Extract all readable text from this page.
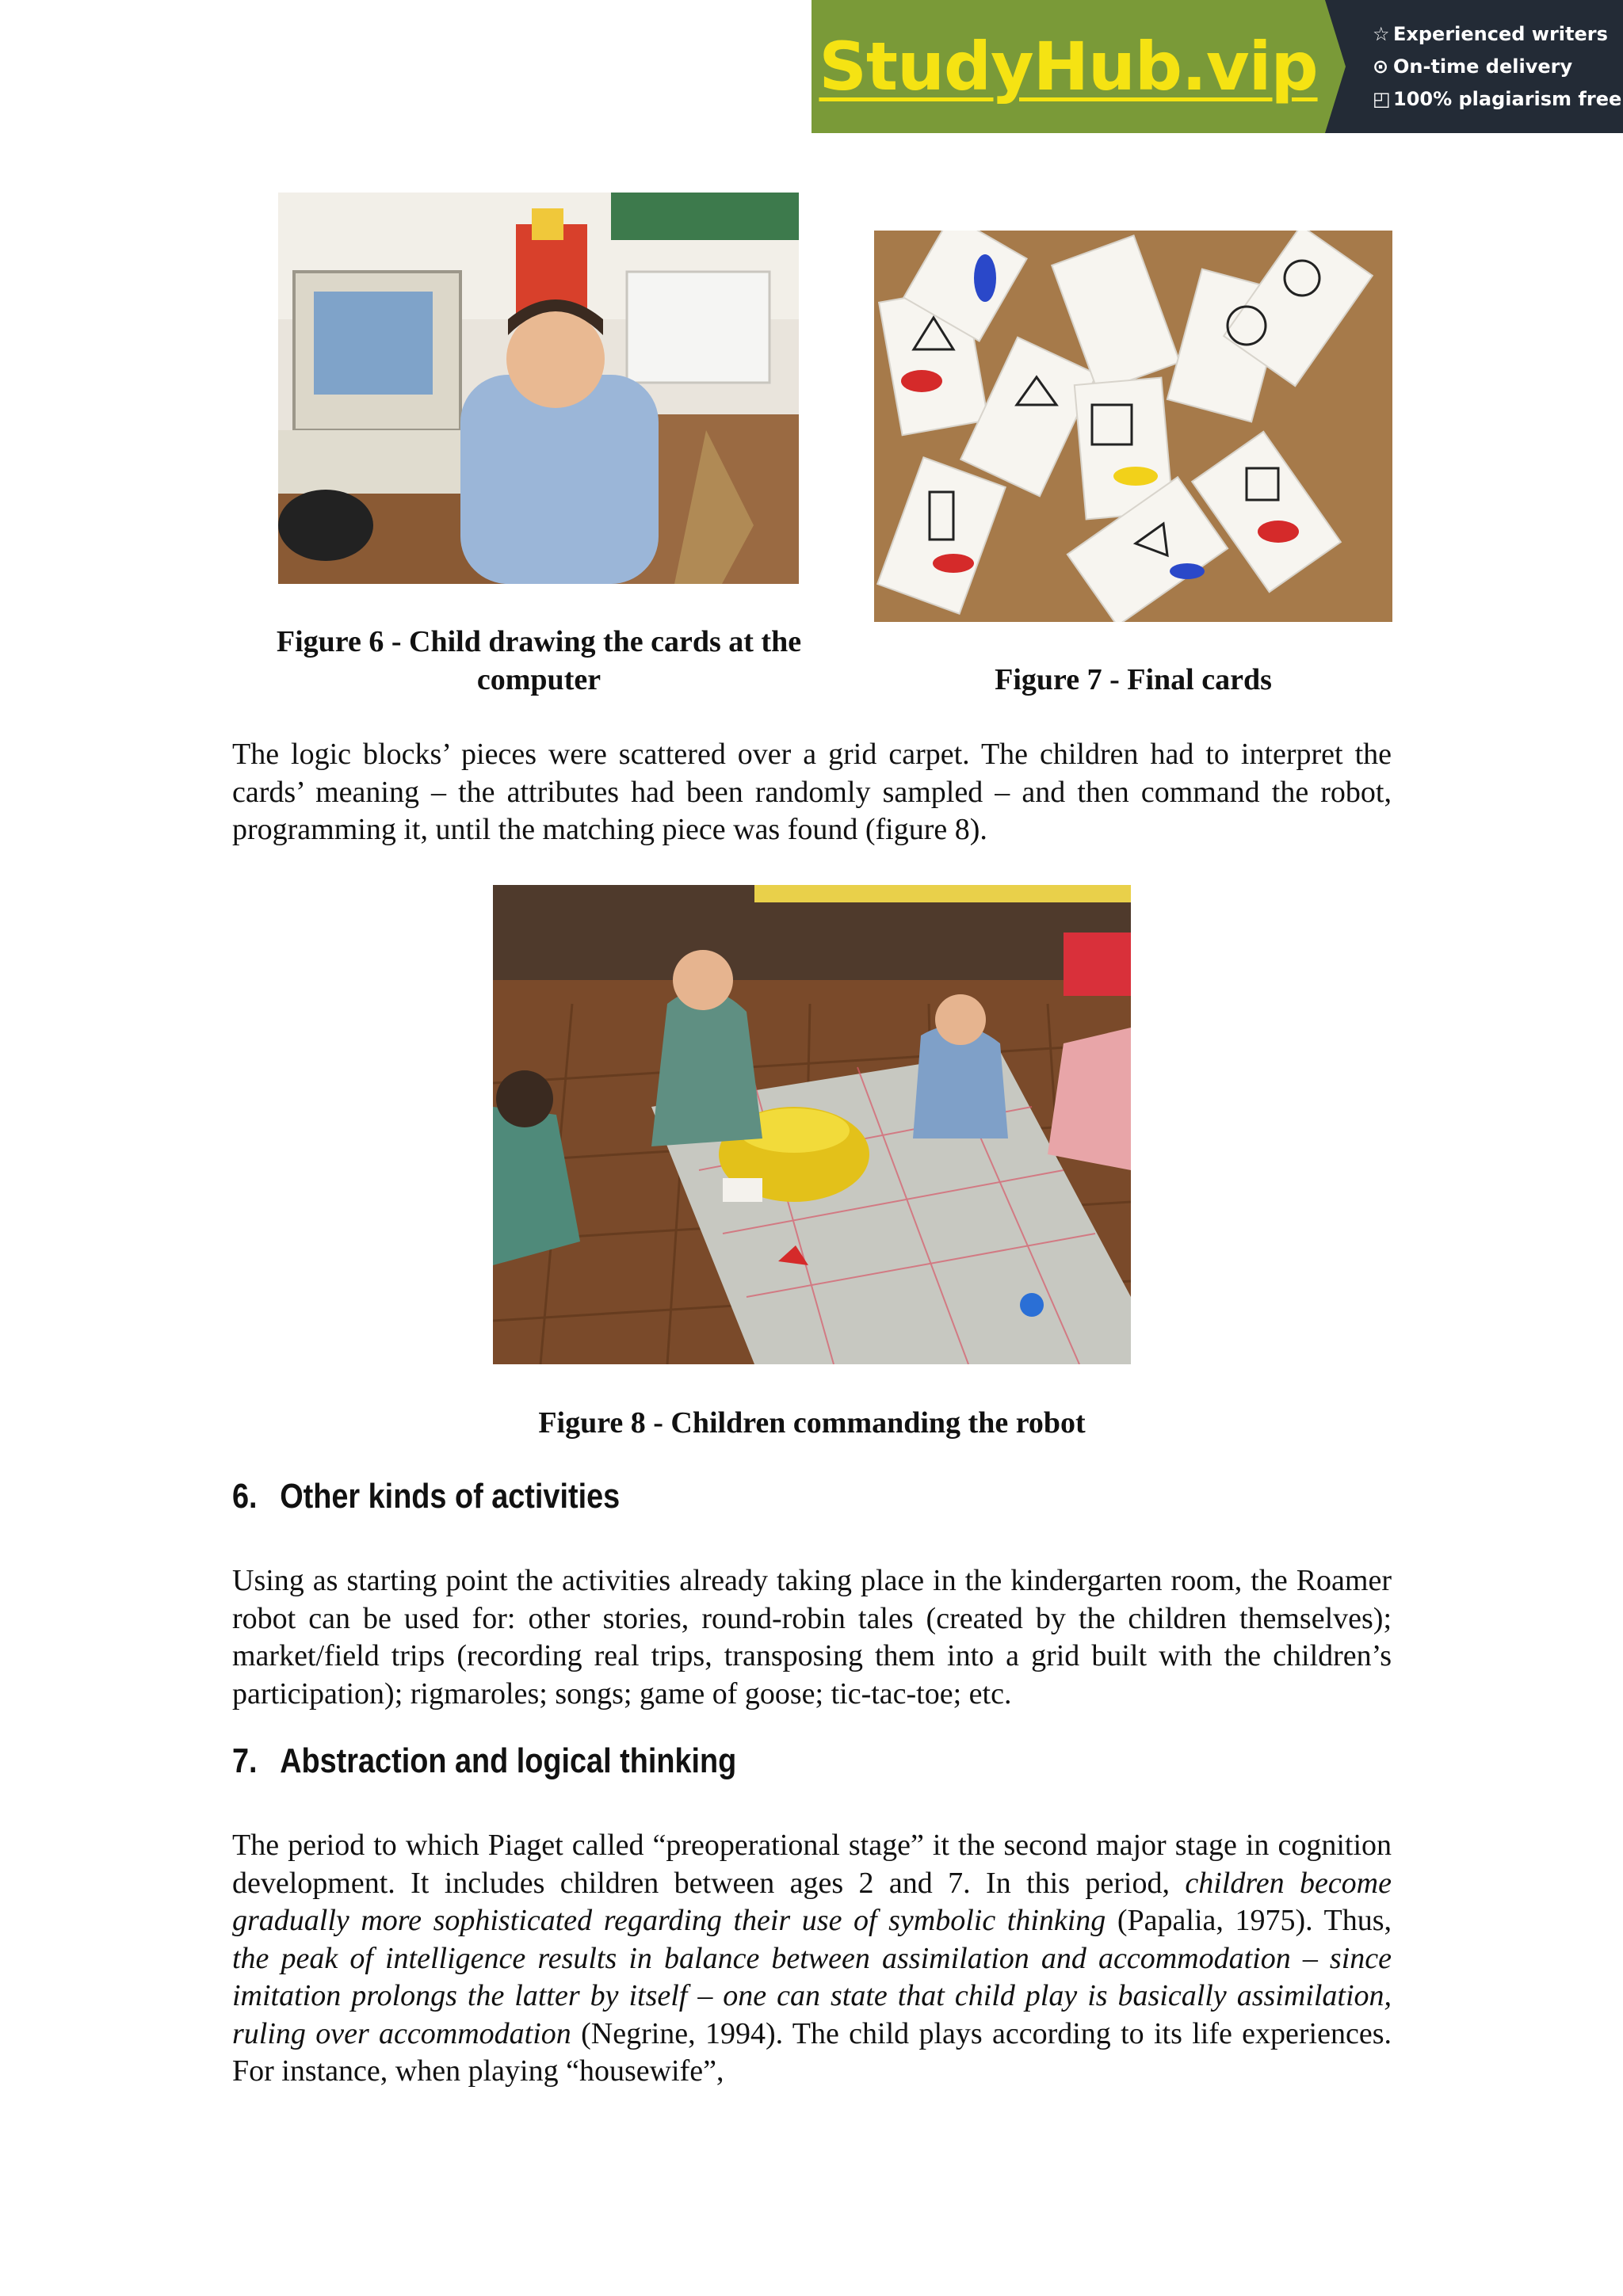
StudyHub.vip	☆ Experienced writers
⊙ On-time delivery
◰ 100% plagiarism free
Figure 6 - Child drawing the cards at the
computer	Figure 7 - Final cards

The logic blocks’ pieces were scattered over a grid carpet. The children had to interpret the cards’ meaning – the attributes had been randomly sampled – and then command the robot, programming it, until the matching piece was found (figure 8).

Figure 8 - Children commanding the robot
6. Other kinds of activities

Using as starting point the activities already taking place in the kindergarten room, the Roamer robot can be used for: other stories, round-robin tales (created by the children themselves); market/field trips (recording real trips, transposing them into a grid built with the children’s participation); rigmaroles; songs; game of goose; tic-tac-toe; etc.

7. Abstraction and logical thinking

The period to which Piaget called “preoperational stage” it the second major stage in cognition development. It includes children between ages 2 and 7. In this period, children become gradually more sophisticated regarding their use of symbolic thinking (Papalia, 1975). Thus, the peak of intelligence results in balance between assimilation and accommodation – since imitation prolongs the latter by itself – one can state that child play is basically assimilation, ruling over accommodation (Negrine, 1994). The child plays according to its life experiences. For instance, when playing “housewife”,
